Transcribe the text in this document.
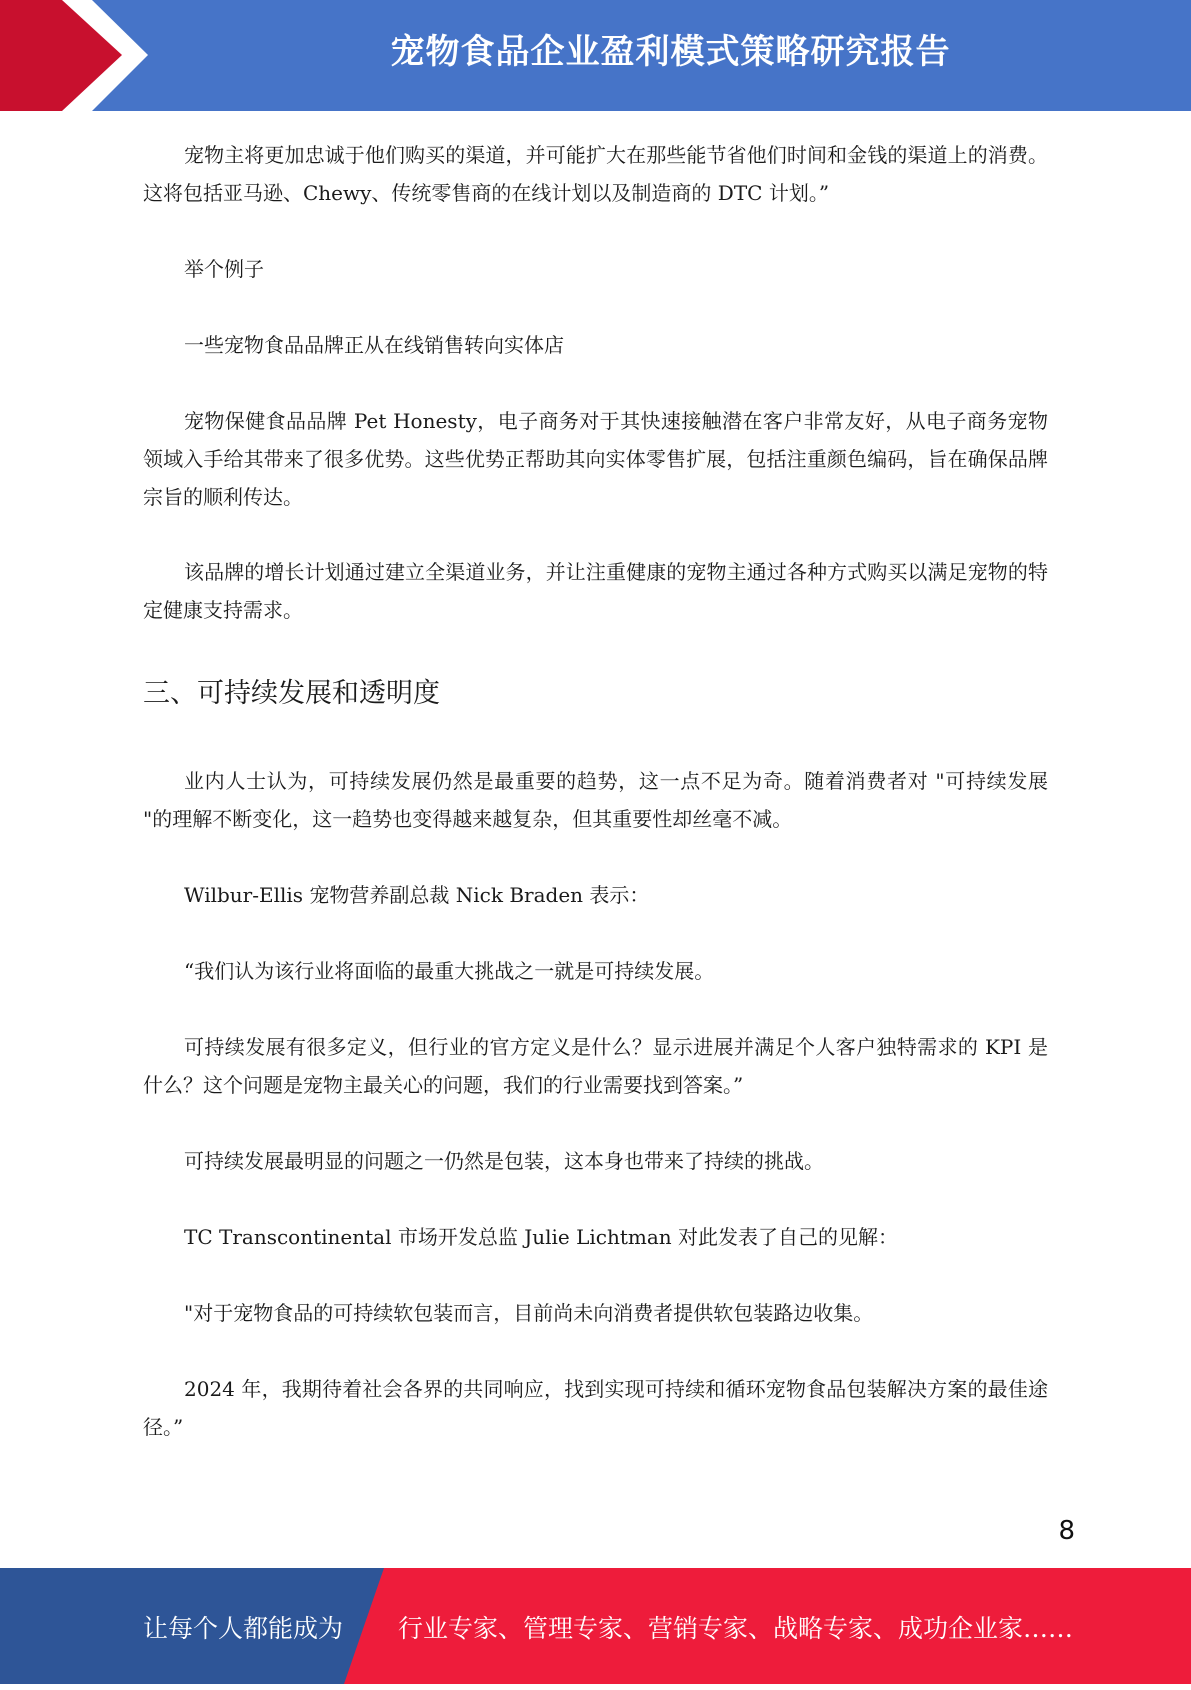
宠物食品企业盈利模式策略研究报告

宠物主将更加忠诚于他们购买的渠道，并可能扩大在那些能节省他们时间和金钱的渠道上的消费。这将包括亚马逊、Chewy、传统零售商的在线计划以及制造商的 DTC 计划。”

举个例子

一些宠物食品品牌正从在线销售转向实体店

宠物保健食品品牌 Pet Honesty，电子商务对于其快速接触潜在客户非常友好，从电子商务宠物领域入手给其带来了很多优势。这些优势正帮助其向实体零售扩展，包括注重颜色编码，旨在确保品牌宗旨的顺利传达。

该品牌的增长计划通过建立全渠道业务，并让注重健康的宠物主通过各种方式购买以满足宠物的特定健康支持需求。

三、可持续发展和透明度

业内人士认为，可持续发展仍然是最重要的趋势，这一点不足为奇。随着消费者对 "可持续发展 "的理解不断变化，这一趋势也变得越来越复杂，但其重要性却丝毫不减。

Wilbur-Ellis 宠物营养副总裁 Nick Braden 表示：

“我们认为该行业将面临的最重大挑战之一就是可持续发展。

可持续发展有很多定义，但行业的官方定义是什么？显示进展并满足个人客户独特需求的 KPI 是什么？这个问题是宠物主最关心的问题，我们的行业需要找到答案。”

可持续发展最明显的问题之一仍然是包装，这本身也带来了持续的挑战。

TC Transcontinental 市场开发总监 Julie Lichtman 对此发表了自己的见解：

"对于宠物食品的可持续软包装而言，目前尚未向消费者提供软包装路边收集。

2024 年，我期待着社会各界的共同响应，找到实现可持续和循环宠物食品包装解决方案的最佳途径。”

8
让每个人都能成为 行业专家、管理专家、营销专家、战略专家、成功企业家……
